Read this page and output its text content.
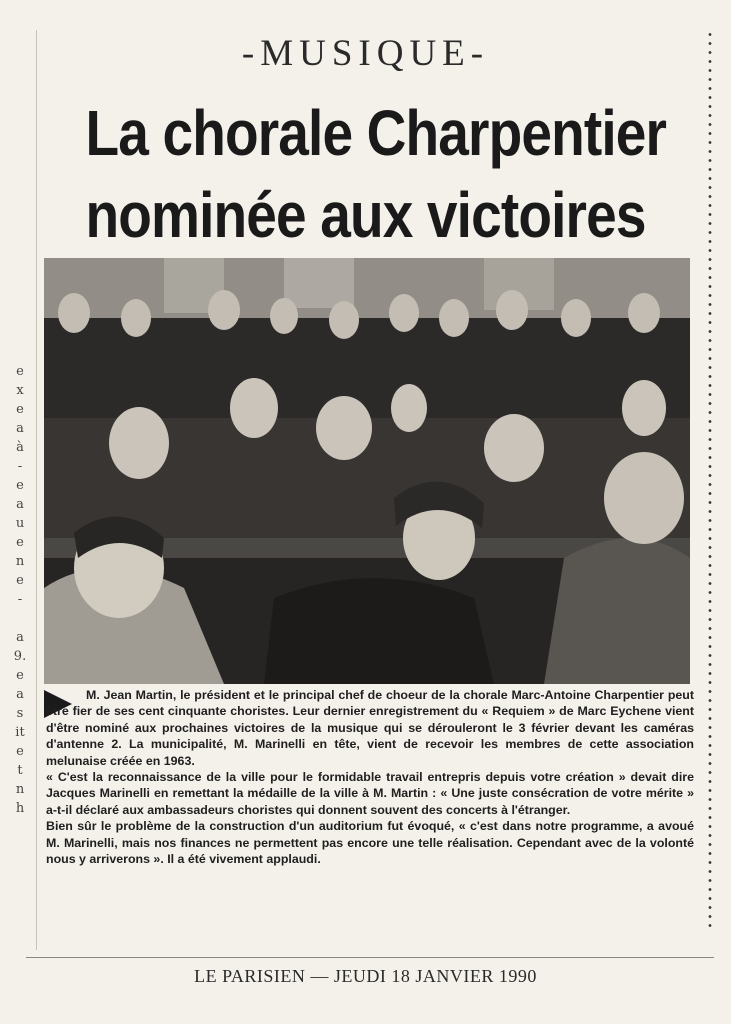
e
x
e
a
à
-
e
a
u
e
n
e
-
a
9.
e
a
s
it
e
t
n
h
-MUSIQUE-
La chorale Charpentier
nominée aux victoires

M. Jean Martin, le président et le principal chef de choeur de la chorale Marc-Antoine Charpentier peut être fier de ses cent cinquante choristes. Leur dernier enregistrement du « Requiem » de Marc Eychene vient d'être nominé aux prochaines victoires de la musique qui se dérouleront le 3 février devant les caméras d'antenne 2. La municipalité, M. Marinelli en tête, vient de recevoir les membres de cette association melunaise créée en 1963.

« C'est la reconnaissance de la ville pour le formidable travail entrepris depuis votre création » devait dire Jacques Marinelli en remettant la médaille de la ville à M. Martin : « Une juste consécration de votre mérite » a-t-il déclaré aux ambassadeurs choristes qui donnent souvent des concerts à l'étranger.

Bien sûr le problème de la construction d'un auditorium fut évoqué, « c'est dans notre programme, a avoué M. Marinelli, mais nos finances ne permettent pas encore une telle réalisation. Cependant avec de la volonté nous y arriverons ». Il a été vivement applaudi.

LE PARISIEN — JEUDI 18 JANVIER 1990
